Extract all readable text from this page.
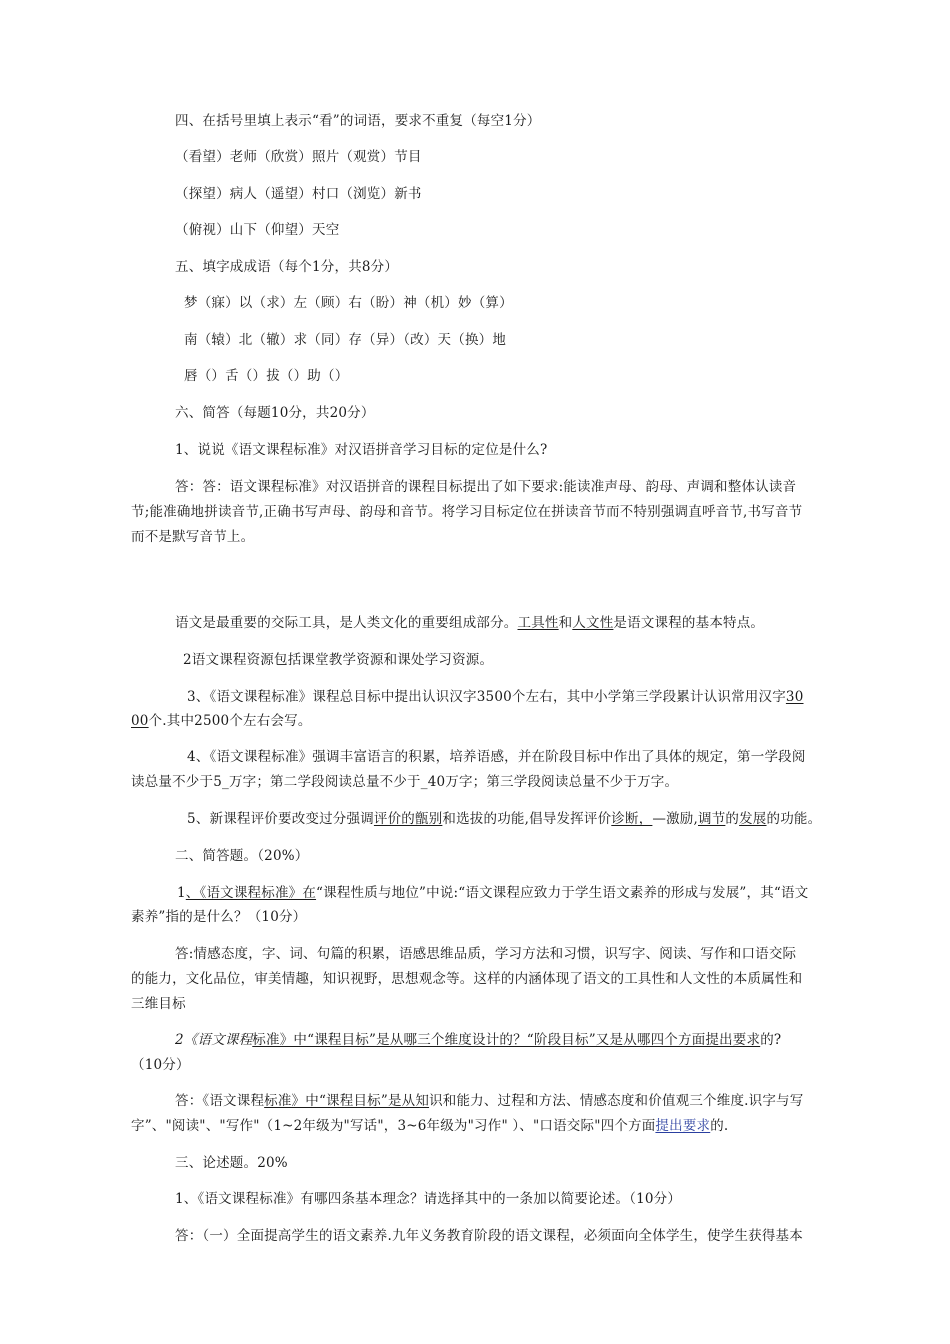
四、在括号里填上表示“看”的词语，要求不重复（每空1分）

（看望）老师（欣赏）照片（观赏）节目

（探望）病人（遥望）村口（浏览）新书

（俯视）山下（仰望）天空

五、填字成成语（每个1分，共8分）

梦（寐）以（求）左（顾）右（盼）神（机）妙（算）

南（辕）北（辙）求（同）存（异）（改）天（换）地

唇（）舌（）拔（）助（）

六、简答（每题10分，共20分）

1、说说《语文课程标准》对汉语拼音学习目标的定位是什么?

答：答：语文课程标准》对汉语拼音的课程目标提出了如下要求:能读准声母、韵母、声调和整体认读音

节;能准确地拼读音节,正确书写声母、韵母和音节。将学习目标定位在拼读音节而不特别强调直呼音节,书写音节

而不是默写音节上。

语文是最重要的交际工具，是人类文化的重要组成部分。工具性和人文性是语文课程的基本特点。

2语文课程资源包括课堂教学资源和课处学习资源。

3、《语文课程标准》课程总目标中提出认识汉字3500个左右，其中小学第三学段累计认识常用汉字30

00个.其中2500个左右会写。

4、《语文课程标准》强调丰富语言的积累，培养语感，并在阶段目标中作出了具体的规定，第一学段阅

读总量不少于5_万字；第二学段阅读总量不少于_40万字；第三学段阅读总量不少于万字。

5、新课程评价要改变过分强调评价的甑别和选拔的功能,倡导发挥评价诊断，—激励,调节的发展的功能。

二、简答题。（20%）

1、《语文课程标准》在“课程性质与地位”中说:“语文课程应致力于学生语文素养的形成与发展”，其“语文

素养”指的是什么？（10分）

答:情感态度，字、词、句篇的积累，语感思维品质，学习方法和习惯，识写字、阅读、写作和口语交际

的能力，文化品位，审美情趣，知识视野，思想观念等。这样的内涵体现了语文的工具性和人文性的本质属性和

三维目标

2《语文课程标准》中“课程目标”是从哪三个维度设计的？“阶段目标”又是从哪四个方面提出要求的?

（10分）

答：《语文课程标准》中“课程目标”是从知识和能力、过程和方法、情感态度和价值观三个维度.识字与写

字”、"阅读"、"写作"（1~2年级为"写话"，3~6年级为"习作" ）、"口语交际"四个方面提出要求的.

三、论述题。20%

1、《语文课程标准》有哪四条基本理念？请选择其中的一条加以简要论述。（10分）

答：（一）全面提高学生的语文素养.九年义务教育阶段的语文课程，必须面向全体学生，使学生获得基本
